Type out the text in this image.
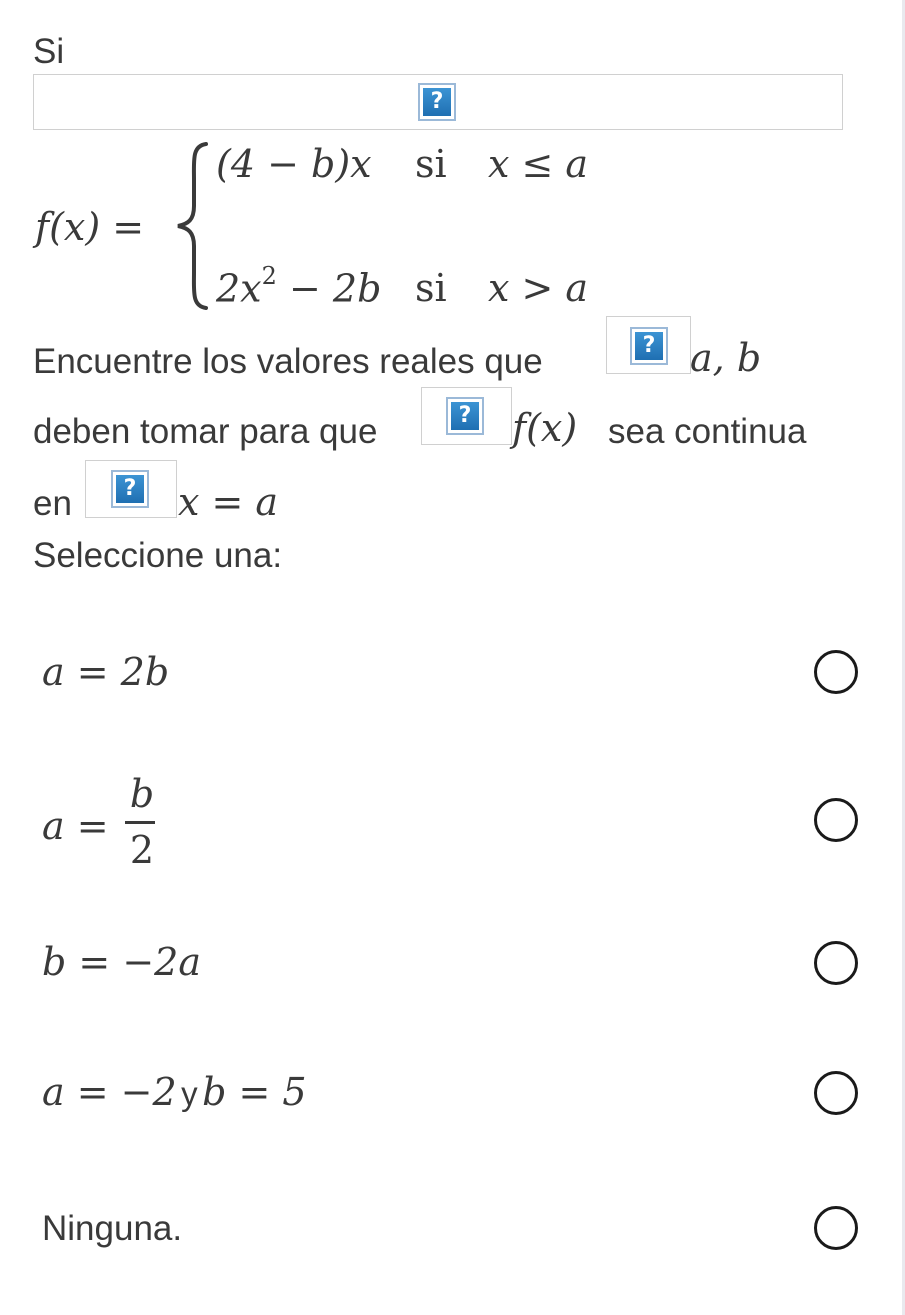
Si
?
f(x) =
(4 − b)x si x ≤ a
$2x^2 - 2b$ si x > a
Encuentre los valores reales que	? a, b
deben tomar para que	? f(x) sea continua
en	? x = a
Seleccione una:
a = 2b
a =
b
2
b = −2a
a = −2 y b = 5
Ninguna.
